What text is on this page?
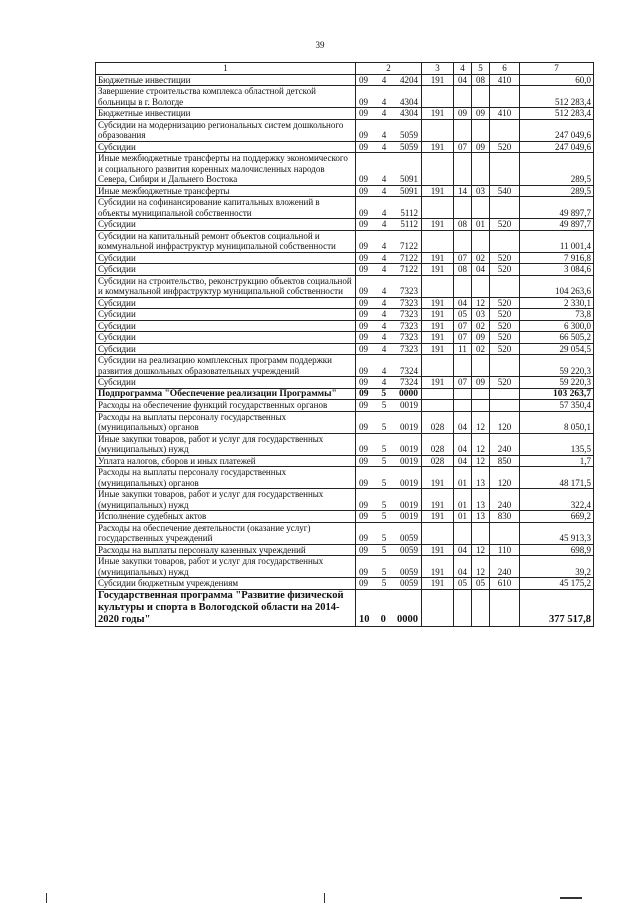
39
1	2	3	4	5	6	7
Бюджетные инвестиции	09 4 4204	191	04	08	410	60,0
Завершение строительства комплекса областной детской больницы в г. Вологде	09 4 4304					512 283,4
Бюджетные инвестиции	09 4 4304	191	09	09	410	512 283,4
Субсидии на модернизацию региональных систем дошкольного образования	09 4 5059					247 049,6
Субсидии	09 4 5059	191	07	09	520	247 049,6
Иные межбюджетные трансферты на поддержку экономического и социального развития коренных малочисленных народов Севера, Сибири и Дальнего Востока	09 4 5091					289,5
Иные межбюджетные трансферты	09 4 5091	191	14	03	540	289,5
Субсидии на софинансирование капитальных вложений в объекты муниципальной собственности	09 4 5112					49 897,7
Субсидии	09 4 5112	191	08	01	520	49 897,7
Субсидии на капитальный ремонт объектов социальной и коммунальной инфраструктур муниципальной собственности	09 4 7122					11 001,4
Субсидии	09 4 7122	191	07	02	520	7 916,8
Субсидии	09 4 7122	191	08	04	520	3 084,6
Субсидии на строительство, реконструкцию объектов социальной и коммунальной инфраструктур муниципальной собственности	09 4 7323					104 263,6
Субсидии	09 4 7323	191	04	12	520	2 330,1
Субсидии	09 4 7323	191	05	03	520	73,8
Субсидии	09 4 7323	191	07	02	520	6 300,0
Субсидии	09 4 7323	191	07	09	520	66 505,2
Субсидии	09 4 7323	191	11	02	520	29 054,5
Субсидии на реализацию комплексных программ поддержки развития дошкольных образовательных учреждений	09 4 7324					59 220,3
Субсидии	09 4 7324	191	07	09	520	59 220,3
Подпрограмма "Обеспечение реализации Программы"	09 5 0000					103 263,7
Расходы на обеспечение функций государственных органов	09 5 0019					57 350,4
Расходы на выплаты персоналу государственных (муниципальных) органов	09 5 0019	028	04	12	120	8 050,1
Иные закупки товаров, работ и услуг для государственных (муниципальных) нужд	09 5 0019	028	04	12	240	135,5
Уплата налогов, сборов и иных платежей	09 5 0019	028	04	12	850	1,7
Расходы на выплаты персоналу государственных (муниципальных) органов	09 5 0019	191	01	13	120	48 171,5
Иные закупки товаров, работ и услуг для государственных (муниципальных) нужд	09 5 0019	191	01	13	240	322,4
Исполнение судебных актов	09 5 0019	191	01	13	830	669,2
Расходы на обеспечение деятельности (оказание услуг) государственных учреждений	09 5 0059					45 913,3
Расходы на выплаты персоналу казенных учреждений	09 5 0059	191	04	12	110	698,9
Иные закупки товаров, работ и услуг для государственных (муниципальных) нужд	09 5 0059	191	04	12	240	39,2
Субсидии бюджетным учреждениям	09 5 0059	191	05	05	610	45 175,2
Государственная программа "Развитие физической культуры и спорта в Вологодской области на 2014-2020 годы"	10 0 0000					377 517,8
